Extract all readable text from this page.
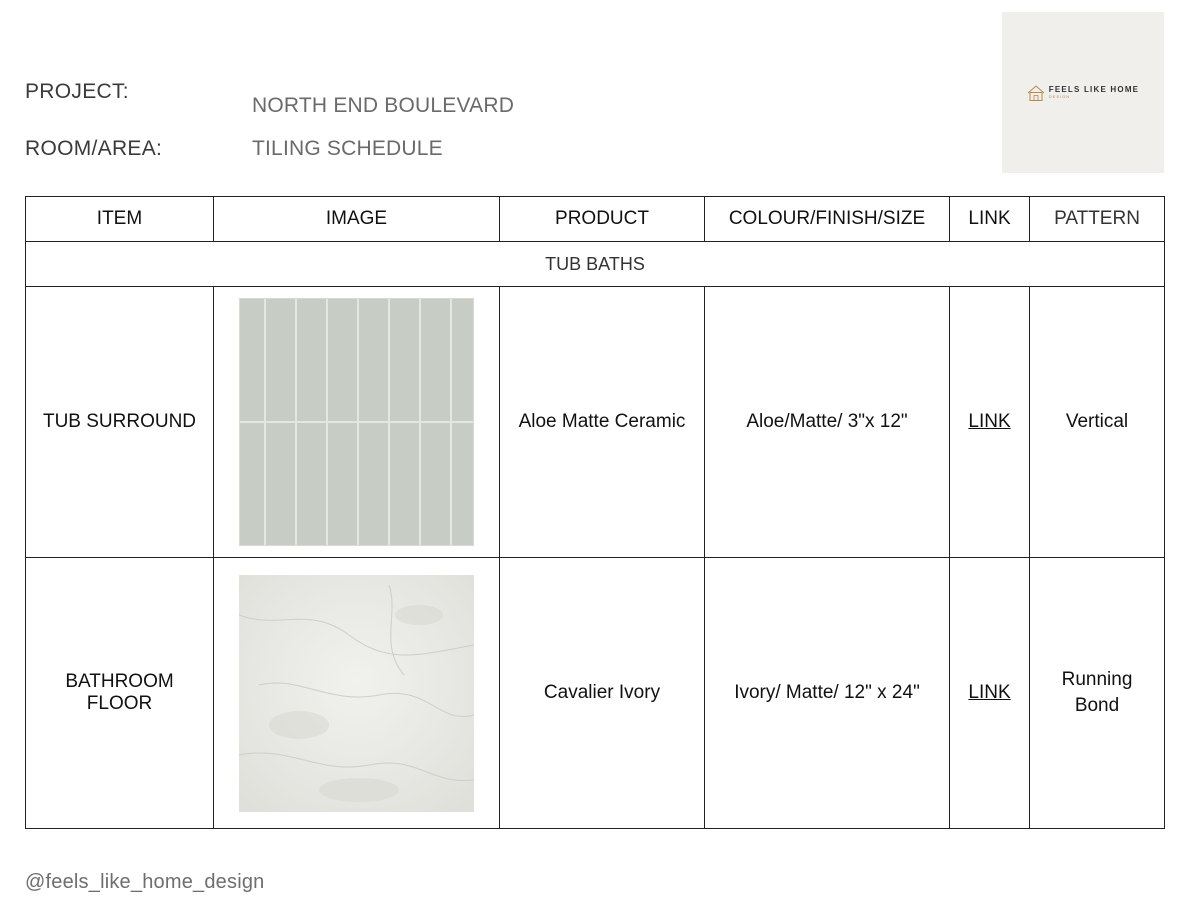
PROJECT:
NORTH END BOULEVARD
ROOM/AREA:	TILING SCHEDULE
FEELS LIKE HOME
DESIGN
ITEM	IMAGE	PRODUCT	COLOUR/FINISH/SIZE	LINK	PATTERN
TUB BATHS					
TUB SURROUND		Aloe Matte Ceramic	Aloe/Matte/ 3"x 12"	LINK	Vertical
BATHROOM FLOOR		Cavalier Ivory	Ivory/ Matte/ 12" x 24"	LINK	Running Bond
@feels_like_home_design
